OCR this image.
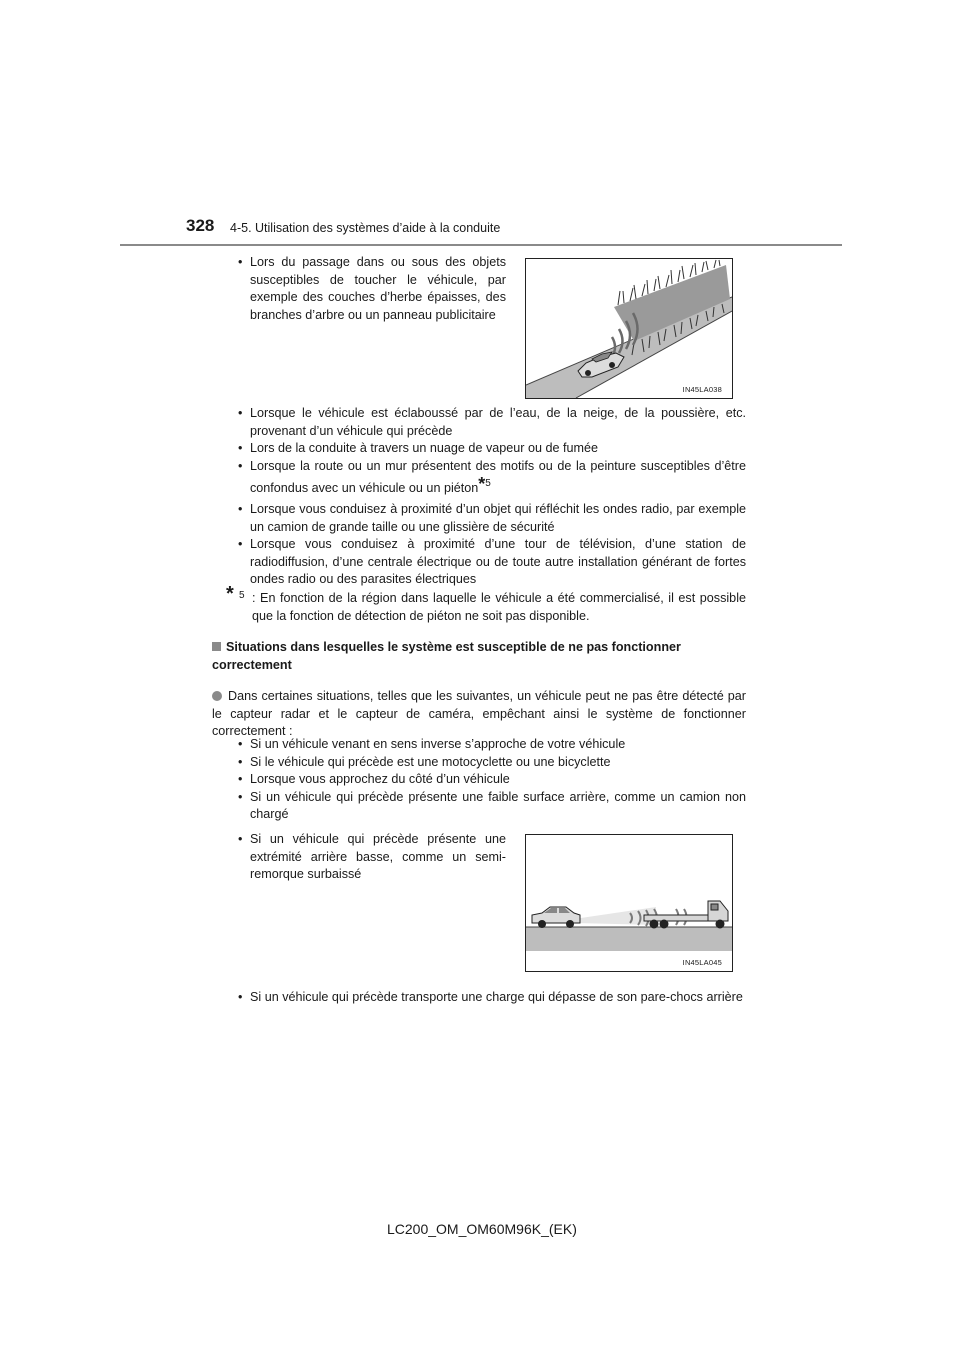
328 4-5. Utilisation des systèmes d’aide à la conduite
• Lors du passage dans ou sous des objets susceptibles de toucher le véhicule, par exemple des couches d’herbe épaisses, des branches d’arbre ou un panneau publicitaire
IN45LA038
• Lorsque le véhicule est éclaboussé par de l’eau, de la neige, de la poussière, etc. provenant d’un véhicule qui précède
• Lors de la conduite à travers un nuage de vapeur ou de fumée
• Lorsque la route ou un mur présentent des motifs ou de la peinture susceptibles d’être confondus avec un véhicule ou un piéton*$^5$
• Lorsque vous conduisez à proximité d’un objet qui réfléchit les ondes radio, par exemple un camion de grande taille ou une glissière de sécurité
• Lorsque vous conduisez à proximité d’une tour de télévision, d’une station de radiodiffusion, d’une centrale électrique ou de toute autre installation générant de fortes ondes radio ou des parasites électriques
* 5 : En fonction de la région dans laquelle le véhicule a été commercialisé, il est possible que la fonction de détection de piéton ne soit pas disponible.
Situations dans lesquelles le système est susceptible de ne pas fonctionner correctement
Dans certaines situations, telles que les suivantes, un véhicule peut ne pas être détecté par le capteur radar et le capteur de caméra, empêchant ainsi le système de fonctionner correctement :
• Si un véhicule venant en sens inverse s’approche de votre véhicule
• Si le véhicule qui précède est une motocyclette ou une bicyclette
• Lorsque vous approchez du côté d’un véhicule
• Si un véhicule qui précède présente une faible surface arrière, comme un camion non chargé
• Si un véhicule qui précède présente une extrémité arrière basse, comme un semi-remorque surbaissé
IN45LA045
• Si un véhicule qui précède transporte une charge qui dépasse de son pare-chocs arrière
LC200_OM_OM60M96K_(EK)
